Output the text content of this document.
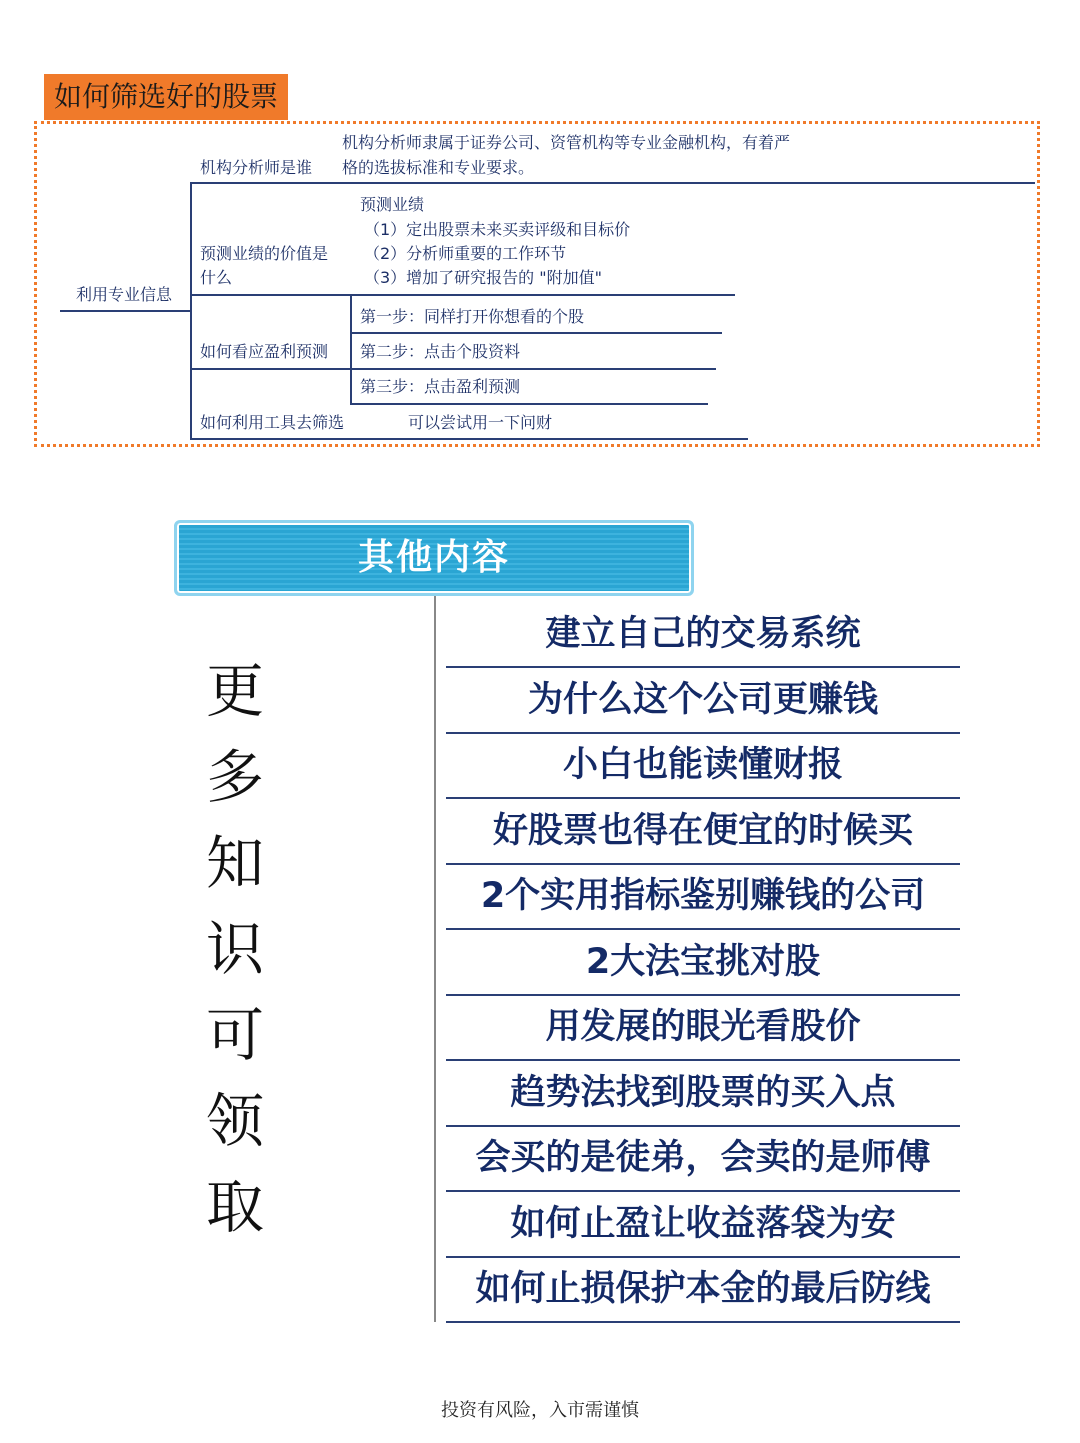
如何筛选好的股票
利用专业信息
机构分析师是谁
机构分析师隶属于证券公司、资管机构等专业金融机构，有着严
格的选拔标准和专业要求。
预测业绩的价值是
什么
预测业绩
（1）定出股票未来买卖评级和目标价
（2）分析师重要的工作环节
（3）增加了研究报告的 "附加值"
如何看应盈利预测
第一步：同样打开你想看的个股
第二步：点击个股资料
第三步：点击盈利预测
如何利用工具去筛选	可以尝试用一下问财
其他内容
更
多
知
识
可
领
取
建立自己的交易系统
为什么这个公司更赚钱
小白也能读懂财报
好股票也得在便宜的时候买
2个实用指标鉴别赚钱的公司
2大法宝挑对股
用发展的眼光看股价
趋势法找到股票的买入点
会买的是徒弟，会卖的是师傅
如何止盈让收益落袋为安
如何止损保护本金的最后防线
投资有风险，入市需谨慎
